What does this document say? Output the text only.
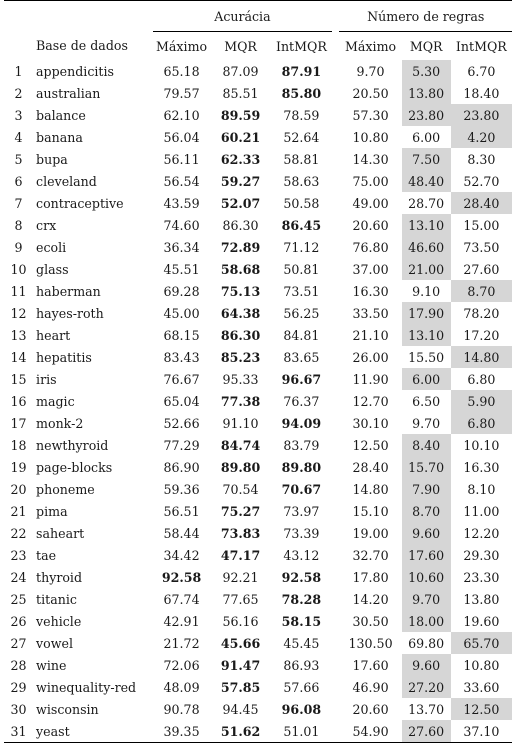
		Acurácia				Número de regras		
	Base de dados	Máximo	MQR	IntMQR		Máximo	MQR	IntMQR
1	appendicitis	65.18	87.09	87.91		9.70	5.30	6.70
2	australian	79.57	85.51	85.80		20.50	13.80	18.40
3	balance	62.10	89.59	78.59		57.30	23.80	23.80
4	banana	56.04	60.21	52.64		10.80	6.00	4.20
5	bupa	56.11	62.33	58.81		14.30	7.50	8.30
6	cleveland	56.54	59.27	58.63		75.00	48.40	52.70
7	contraceptive	43.59	52.07	50.58		49.00	28.70	28.40
8	crx	74.60	86.30	86.45		20.60	13.10	15.00
9	ecoli	36.34	72.89	71.12		76.80	46.60	73.50
10	glass	45.51	58.68	50.81		37.00	21.00	27.60
11	haberman	69.28	75.13	73.51		16.30	9.10	8.70
12	hayes-roth	45.00	64.38	56.25		33.50	17.90	78.20
13	heart	68.15	86.30	84.81		21.10	13.10	17.20
14	hepatitis	83.43	85.23	83.65		26.00	15.50	14.80
15	iris	76.67	95.33	96.67		11.90	6.00	6.80
16	magic	65.04	77.38	76.37		12.70	6.50	5.90
17	monk-2	52.66	91.10	94.09		30.10	9.70	6.80
18	newthyroid	77.29	84.74	83.79		12.50	8.40	10.10
19	page-blocks	86.90	89.80	89.80		28.40	15.70	16.30
20	phoneme	59.36	70.54	70.67		14.80	7.90	8.10
21	pima	56.51	75.27	73.97		15.10	8.70	11.00
22	saheart	58.44	73.83	73.39		19.00	9.60	12.20
23	tae	34.42	47.17	43.12		32.70	17.60	29.30
24	thyroid	92.58	92.21	92.58		17.80	10.60	23.30
25	titanic	67.74	77.65	78.28		14.20	9.70	13.80
26	vehicle	42.91	56.16	58.15		30.50	18.00	19.60
27	vowel	21.72	45.66	45.45		130.50	69.80	65.70
28	wine	72.06	91.47	86.93		17.60	9.60	10.80
29	winequality-red	48.09	57.85	57.66		46.90	27.20	33.60
30	wisconsin	90.78	94.45	96.08		20.60	13.70	12.50
31	yeast	39.35	51.62	51.01		54.90	27.60	37.10
